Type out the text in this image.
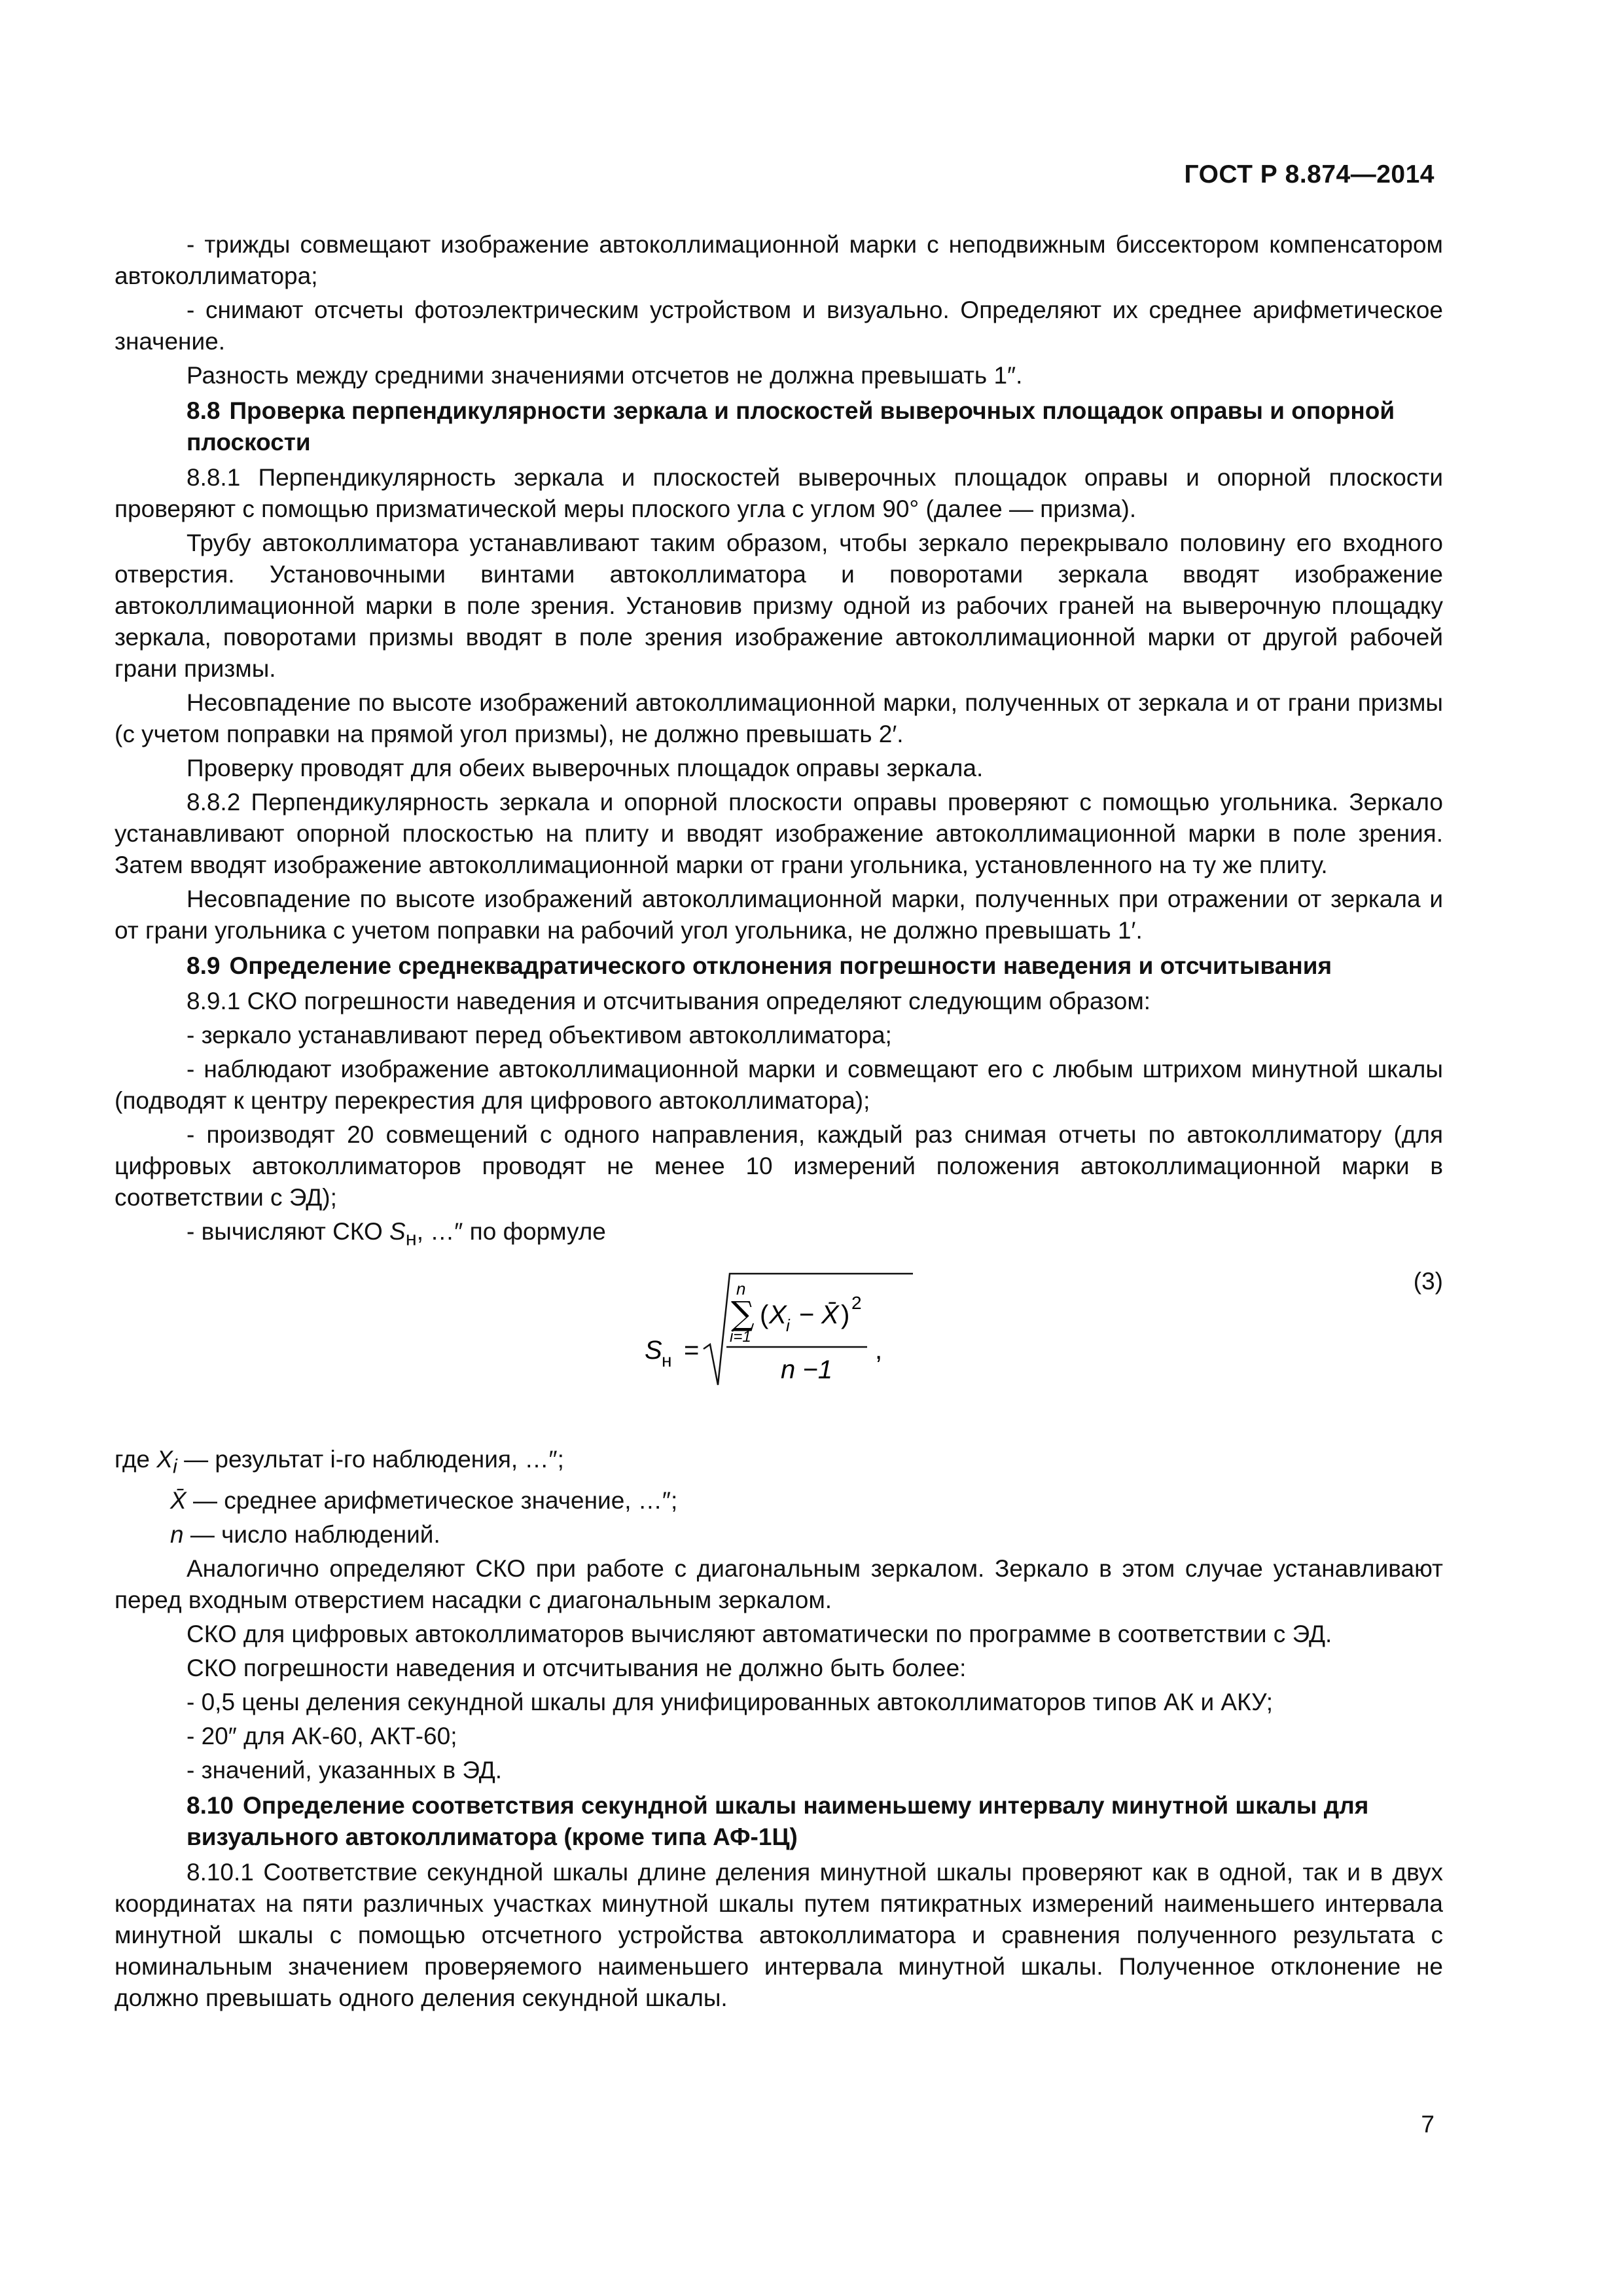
ГОСТ Р 8.874—2014

- трижды совмещают изображение автоколлимационной марки с неподвижным биссектором компенсатором автоколлиматора;

- снимают отсчеты фотоэлектрическим устройством и визуально. Определяют их среднее арифметическое значение.

Разность между средними значениями отсчетов не должна превышать 1″.

8.8 Проверка перпендикулярности зеркала и плоскостей выверочных площадок оправы и опорной плоскости

8.8.1 Перпендикулярность зеркала и плоскостей выверочных площадок оправы и опорной плоскости проверяют с помощью призматической меры плоского угла с углом 90° (далее — призма).

Трубу автоколлиматора устанавливают таким образом, чтобы зеркало перекрывало половину его входного отверстия. Установочными винтами автоколлиматора и поворотами зеркала вводят изображение автоколлимационной марки в поле зрения. Установив призму одной из рабочих граней на выверочную площадку зеркала, поворотами призмы вводят в поле зрения изображение автоколлимационной марки от другой рабочей грани призмы.

Несовпадение по высоте изображений автоколлимационной марки, полученных от зеркала и от грани призмы (с учетом поправки на прямой угол призмы), не должно превышать 2′.

Проверку проводят для обеих выверочных площадок оправы зеркала.

8.8.2 Перпендикулярность зеркала и опорной плоскости оправы проверяют с помощью угольника. Зеркало устанавливают опорной плоскостью на плиту и вводят изображение автоколлимационной марки в поле зрения. Затем вводят изображение автоколлимационной марки от грани угольника, установленного на ту же плиту.

Несовпадение по высоте изображений автоколлимационной марки, полученных при отражении от зеркала и от грани угольника с учетом поправки на рабочий угол угольника, не должно превышать 1′.

8.9 Определение среднеквадратического отклонения погрешности наведения и отсчитывания

8.9.1 СКО погрешности наведения и отсчитывания определяют следующим образом:

- зеркало устанавливают перед объективом автоколлиматора;

- наблюдают изображение автоколлимационной марки и совмещают его с любым штрихом минутной шкалы (подводят к центру перекрестия для цифрового автоколлиматора);

- производят 20 совмещений с одного направления, каждый раз снимая отчеты по автоколлиматору (для цифровых автоколлиматоров проводят не менее 10 измерений положения автоколлимационной марки в соответствии с ЭД);

- вычисляют СКО $S_н$, …″ по формуле

S н =
n
∑
i=1
( X i − X̄ ) 2
n −1
,
(3)
где $X_i$ — результат i-го наблюдения, …″;
X̄ — среднее арифметическое значение, …″;
n — число наблюдений.

Аналогично определяют СКО при работе с диагональным зеркалом. Зеркало в этом случае устанавливают перед входным отверстием насадки с диагональным зеркалом.

СКО для цифровых автоколлиматоров вычисляют автоматически по программе в соответствии с ЭД.

СКО погрешности наведения и отсчитывания не должно быть более:

- 0,5 цены деления секундной шкалы для унифицированных автоколлиматоров типов АК и АКУ;

- 20″ для АК-60, АКТ-60;

- значений, указанных в ЭД.

8.10 Определение соответствия секундной шкалы наименьшему интервалу минутной шкалы для визуального автоколлиматора (кроме типа АФ-1Ц)

8.10.1 Соответствие секундной шкалы длине деления минутной шкалы проверяют как в одной, так и в двух координатах на пяти различных участках минутной шкалы путем пятикратных измерений наименьшего интервала минутной шкалы с помощью отсчетного устройства автоколлиматора и сравнения полученного результата с номинальным значением проверяемого наименьшего интервала минутной шкалы. Полученное отклонение не должно превышать одного деления секундной шкалы.

7
